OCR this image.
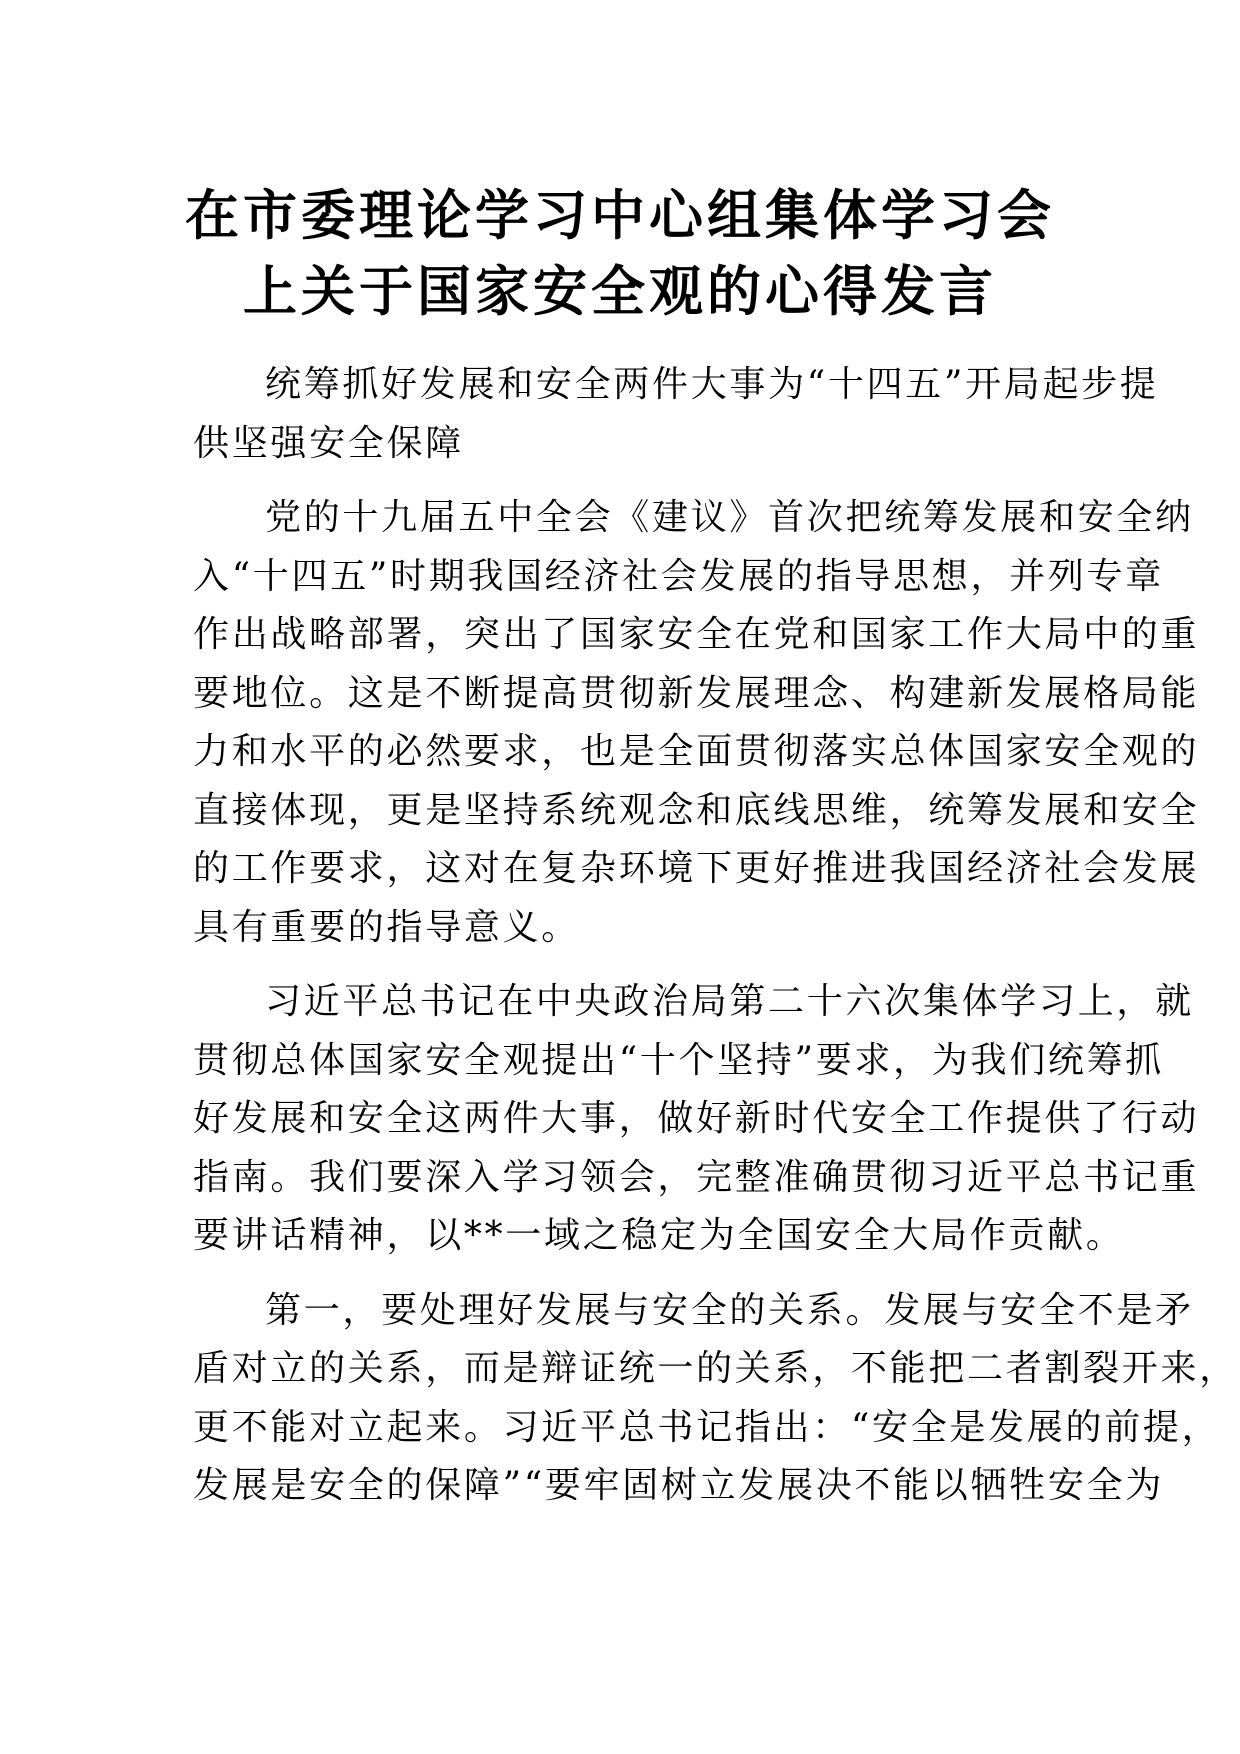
在市委理论学习中心组集体学习会
上关于国家安全观的心得发言
统筹抓好发展和安全两件大事为“十四五”开局起步提
供坚强安全保障
党的十九届五中全会《建议》首次把统筹发展和安全纳
入“十四五”时期我国经济社会发展的指导思想，并列专章
作出战略部署，突出了国家安全在党和国家工作大局中的重
要地位。这是不断提高贯彻新发展理念、构建新发展格局能
力和水平的必然要求，也是全面贯彻落实总体国家安全观的
直接体现，更是坚持系统观念和底线思维，统筹发展和安全
的工作要求，这对在复杂环境下更好推进我国经济社会发展
具有重要的指导意义。
习近平总书记在中央政治局第二十六次集体学习上，就
贯彻总体国家安全观提出“十个坚持”要求，为我们统筹抓
好发展和安全这两件大事，做好新时代安全工作提供了行动
指南。我们要深入学习领会，完整准确贯彻习近平总书记重
要讲话精神，以**一域之稳定为全国安全大局作贡献。
第一，要处理好发展与安全的关系。发展与安全不是矛
盾对立的关系，而是辩证统一的关系，不能把二者割裂开来，
更不能对立起来。习近平总书记指出：“安全是发展的前提，
发展是安全的保障”“要牢固树立发展决不能以牺牲安全为
